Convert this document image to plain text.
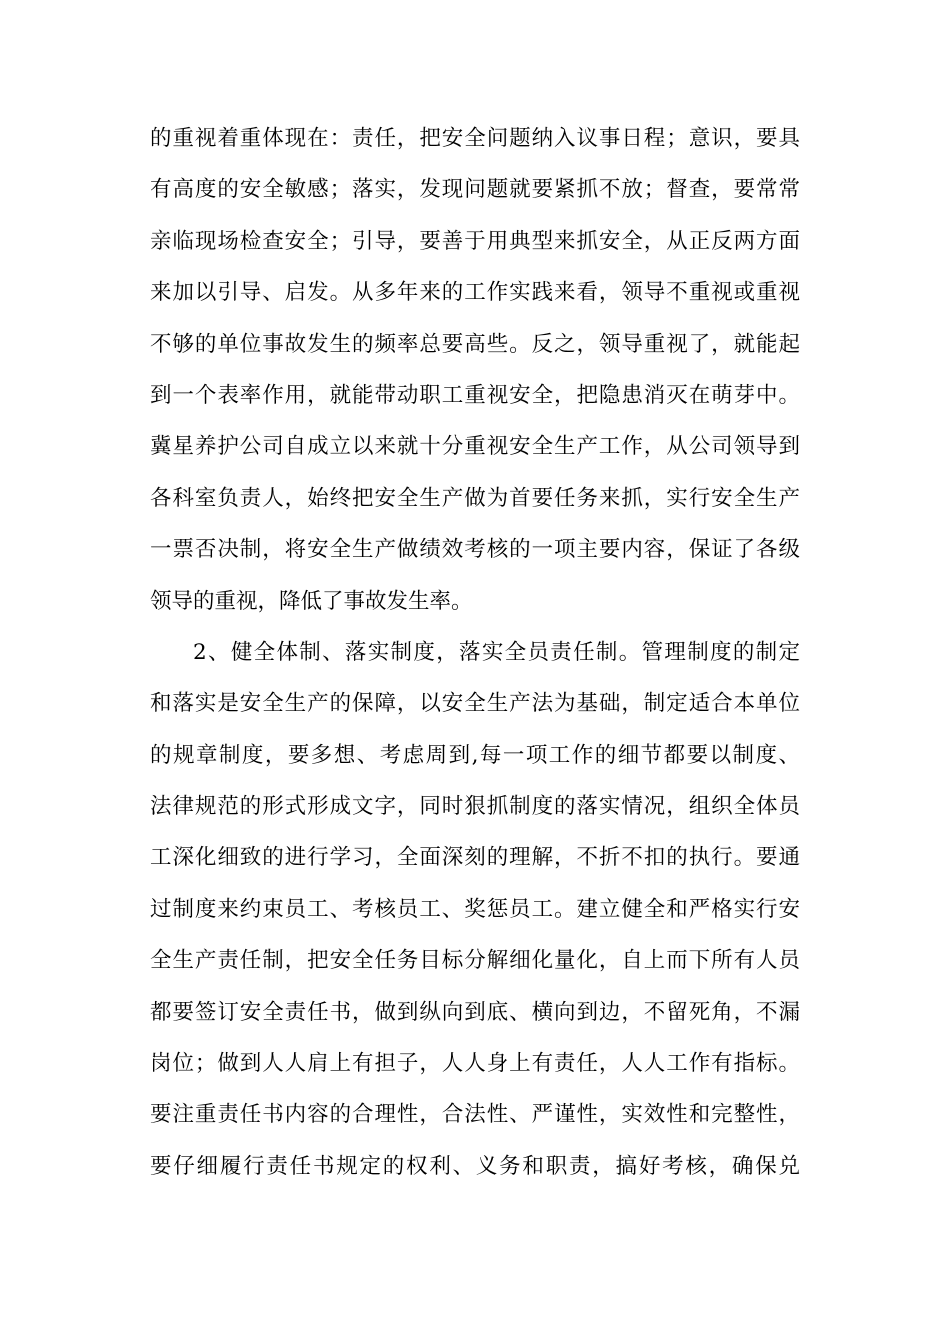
的重视着重体现在：责任，把安全问题纳入议事日程；意识，要具
有高度的安全敏感；落实，发现问题就要紧抓不放；督查，要常常
亲临现场检查安全；引导，要善于用典型来抓安全，从正反两方面
来加以引导、启发。从多年来的工作实践来看，领导不重视或重视
不够的单位事故发生的频率总要高些。反之，领导重视了，就能起
到一个表率作用，就能带动职工重视安全，把隐患消灭在萌芽中。
冀星养护公司自成立以来就十分重视安全生产工作，从公司领导到
各科室负责人，始终把安全生产做为首要任务来抓，实行安全生产
一票否决制，将安全生产做绩效考核的一项主要内容，保证了各级
领导的重视，降低了事故发生率。
2、健全体制、落实制度，落实全员责任制。管理制度的制定
和落实是安全生产的保障，以安全生产法为基础，制定适合本单位
的规章制度，要多想、考虑周到,每一项工作的细节都要以制度、
法律规范的形式形成文字，同时狠抓制度的落实情况，组织全体员
工深化细致的进行学习，全面深刻的理解，不折不扣的执行。要通
过制度来约束员工、考核员工、奖惩员工。建立健全和严格实行安
全生产责任制，把安全任务目标分解细化量化，自上而下所有人员
都要签订安全责任书，做到纵向到底、横向到边，不留死角，不漏
岗位；做到人人肩上有担子，人人身上有责任，人人工作有指标。
要注重责任书内容的合理性，合法性、严谨性，实效性和完整性，
要仔细履行责任书规定的权利、义务和职责，搞好考核，确保兑
